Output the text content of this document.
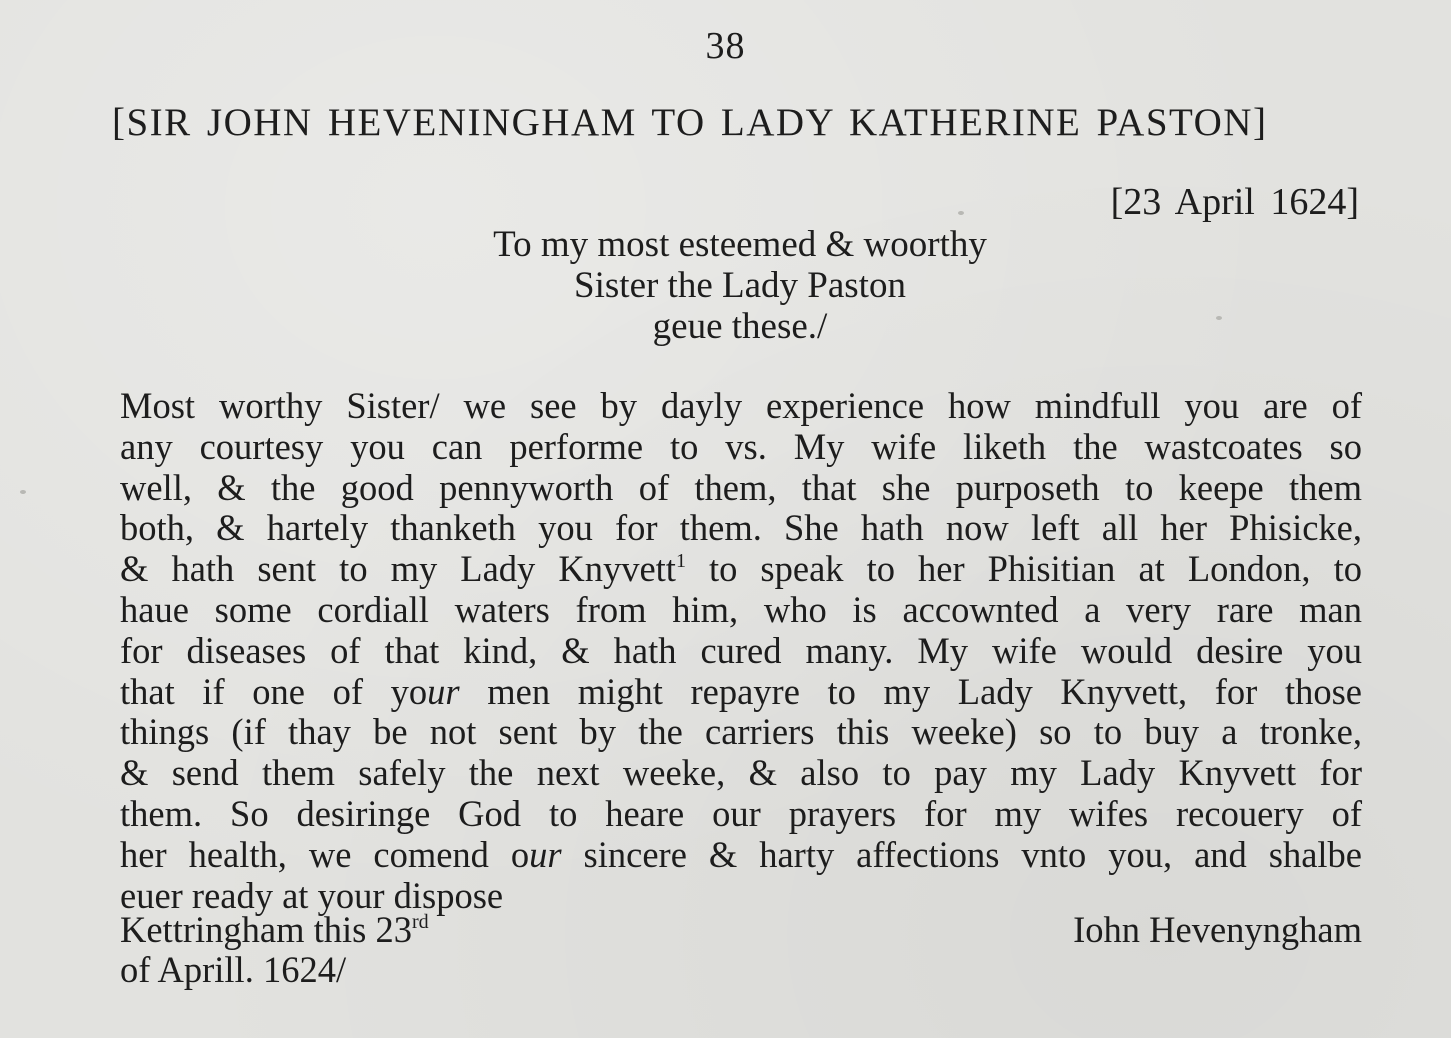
38
[SIR JOHN HEVENINGHAM TO LADY KATHERINE PASTON]
[23 April 1624]
To my most esteemed & woorthy
Sister the Lady Paston
geue these./
Most worthy Sister/ we see by dayly experience how mindfull you are of
any courtesy you can performe to vs. My wife liketh the wastcoates so
well, & the good pennyworth of them, that she purposeth to keepe them
both, & hartely thanketh you for them. She hath now left all her Phisicke,
& hath sent to my Lady Knyvett$^1$ to speak to her Phisitian at London, to
haue some cordiall waters from him, who is accownted a very rare man
for diseases of that kind, & hath cured many. My wife would desire you
that if one of your men might repayre to my Lady Knyvett, for those
things (if thay be not sent by the carriers this weeke) so to buy a tronke,
& send them safely the next weeke, & also to pay my Lady Knyvett for
them. So desiringe God to heare our prayers for my wifes recouery of
her health, we comend our sincere & harty affections vnto you, and shalbe
euer ready at your dispose
Kettringham this 23rd
of Aprill. 1624/
Iohn Hevenyngham
